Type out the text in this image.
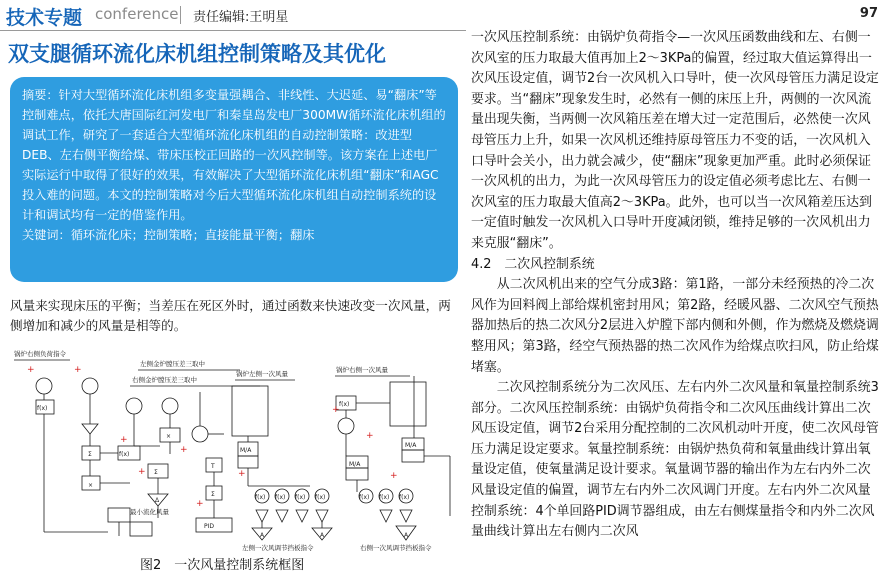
技术专题 conference 责任编辑:王明星	97
双支腿循环流化床机组控制策略及其优化

摘要：针对大型循环流化床机组多变量强耦合、非线性、大迟延、易“翻床”等控制难点，依托大唐国际红河发电厂和秦皇岛发电厂300MW循环流化床机组的调试工作，研究了一套适合大型循环流化床机组的自动控制策略：改进型DEB、左右侧平衡给煤、带床压校正回路的一次风控制等。该方案在上述电厂实际运行中取得了很好的效果，有效解决了大型循环流化床机组“翻床”和AGC投入难的问题。本文的控制策略对今后大型循环流化床机组自动控制系统的设计和调试均有一定的借鉴作用。

关键词：循环流化床；控制策略；直接能量平衡；翻床

风量来实现床压的平衡；当差压在死区外时，通过函数来快速改变一次风量，两侧增加和减少的风量是相等的。

+	+
+
+
+
+
+
+
+
+
锅炉右侧负荷指令
左侧金炉膛压差三取中
右侧金炉膛压差三取中
锅炉左侧一次风量	锅炉右侧一次风量
最小流化风量
左侧一次风调节挡板指令	右侧一次风调节挡板指令
f(x)
f(x)
f(x)
Σ
×
×
Σ
Δ
T
Σ
PID
M/A
M/A
M/A
A	A	A
f(x) f(x) f(x) f(x)	f(x) f(x) f(x)
图2　一次风量控制系统框图

一次风压控制系统：由锅炉负荷指令—一次风压函数曲线和左、右侧一次风室的压力取最大值再加上2～3KPa的偏置，经过取大值运算得出一次风压设定值，调节2台一次风机入口导叶，使一次风母管压力满足设定要求。当“翻床”现象发生时，必然有一侧的床压上升，两侧的一次风流量出现失衡，当两侧一次风箱压差在增大过一定范围后，必然使一次风母管压力上升，如果一次风机还维持原母管压力不变的话，一次风机入口导叶会关小，出力就会减少，使“翻床”现象更加严重。此时必须保证一次风机的出力，为此一次风母管压力的设定值必须考虑比左、右侧一次风室的压力取最大值高2～3KPa。此外，也可以当一次风箱差压达到一定值时触发一次风机入口导叶开度减闭锁，维持足够的一次风机出力来克服“翻床”。

4.2　二次风控制系统

从二次风机出来的空气分成3路：第1路，一部分未经预热的冷二次风作为回料阀上部给煤机密封用风；第2路，经暖风器、二次风空气预热器加热后的热二次风分2层进入炉膛下部内侧和外侧，作为燃烧及燃烧调整用风；第3路，经空气预热器的热二次风作为给煤点吹扫风，防止给煤堵塞。

二次风控制系统分为二次风压、左右内外二次风量和氧量控制系统3部分。二次风压控制系统：由锅炉负荷指令和二次风压曲线计算出二次风压设定值，调节2台采用分配控制的二次风机动叶开度，使二次风母管压力满足设定要求。氧量控制系统：由锅炉热负荷和氧量曲线计算出氧量设定值，使氧量满足设计要求。氧量调节器的输出作为左右内外二次风量设定值的偏置，调节左右内外二次风调门开度。左右内外二次风量控制系统：4个单回路PID调节器组成，由左右侧煤量指令和内外二次风量曲线计算出左右侧内二次风
